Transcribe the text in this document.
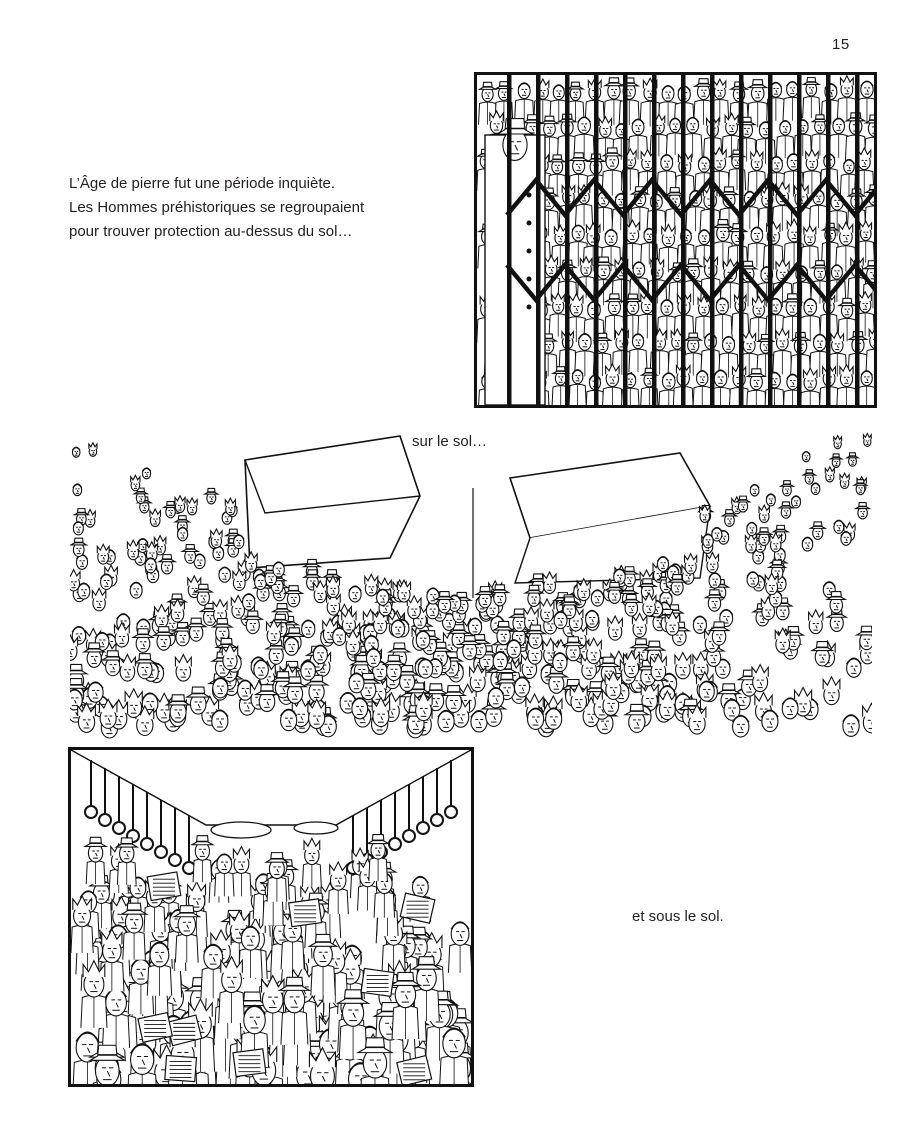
15
L’Âge de pierre fut une période inquiète.
Les Hommes préhistoriques se regroupaient
pour trouver protection au-dessus du sol…
sur le sol…
et sous le sol.
